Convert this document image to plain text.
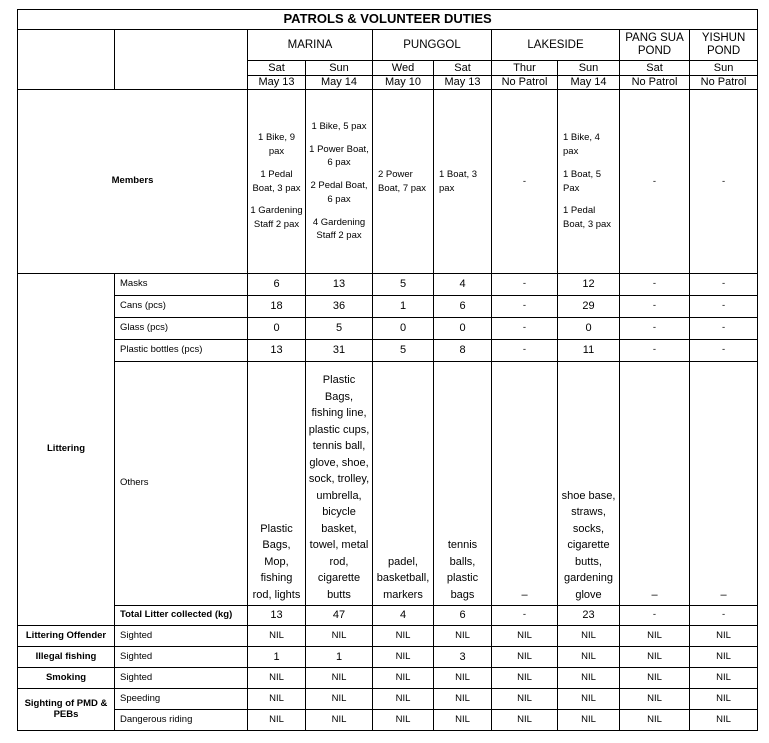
PATROLS & VOLUNTEER DUTIES									
		MARINA		PUNGGOL		LAKESIDE		PANG SUA POND	YISHUN POND
		Sat	Sun	Wed	Sat	Thur	Sun	Sat	Sun
		May 13	May 14	May 10	May 13	No Patrol	May 14	No Patrol	No Patrol
Members		1 Bike, 9 pax
1 Pedal Boat, 3 pax
1 Gardening Staff 2 pax	1 Bike, 5 pax
1 Power Boat, 6 pax
2 Pedal Boat, 6 pax
4 Gardening Staff 2 pax	2 Power Boat, 7 pax	1 Boat, 3 pax	-	1 Bike, 4 pax
1 Boat, 5 Pax
1 Pedal Boat, 3 pax	-	-

Littering	Masks	6	13	5	4	-	12	-	-
	Cans (pcs)	18	36	1	6	-	29	-	-
	Glass (pcs)	0	5	0	0	-	0	-	-
	Plastic bottles (pcs)	13	31	5	8	-	11	-	-
	Others	Plastic Bags, Mop, fishing rod, lights	Plastic Bags, fishing line, plastic cups, tennis ball, glove, shoe, sock, trolley, umbrella, bicycle basket, towel, metal rod, cigarette butts	padel, basketball, markers	tennis balls, plastic bags	–	shoe base, straws, socks, cigarette butts, gardening glove	–	–
	Total Litter collected (kg)	13	47	4	6	-	23	-	-
Littering Offender	Sighted	NIL	NIL	NIL	NIL	NIL	NIL	NIL	NIL
Illegal fishing	Sighted	1	1	NIL	3	NIL	NIL	NIL	NIL
Smoking	Sighted	NIL	NIL	NIL	NIL	NIL	NIL	NIL	NIL
Sighting of PMD & PEBs	Speeding	NIL	NIL	NIL	NIL	NIL	NIL	NIL	NIL
	Dangerous riding	NIL	NIL	NIL	NIL	NIL	NIL	NIL	NIL
